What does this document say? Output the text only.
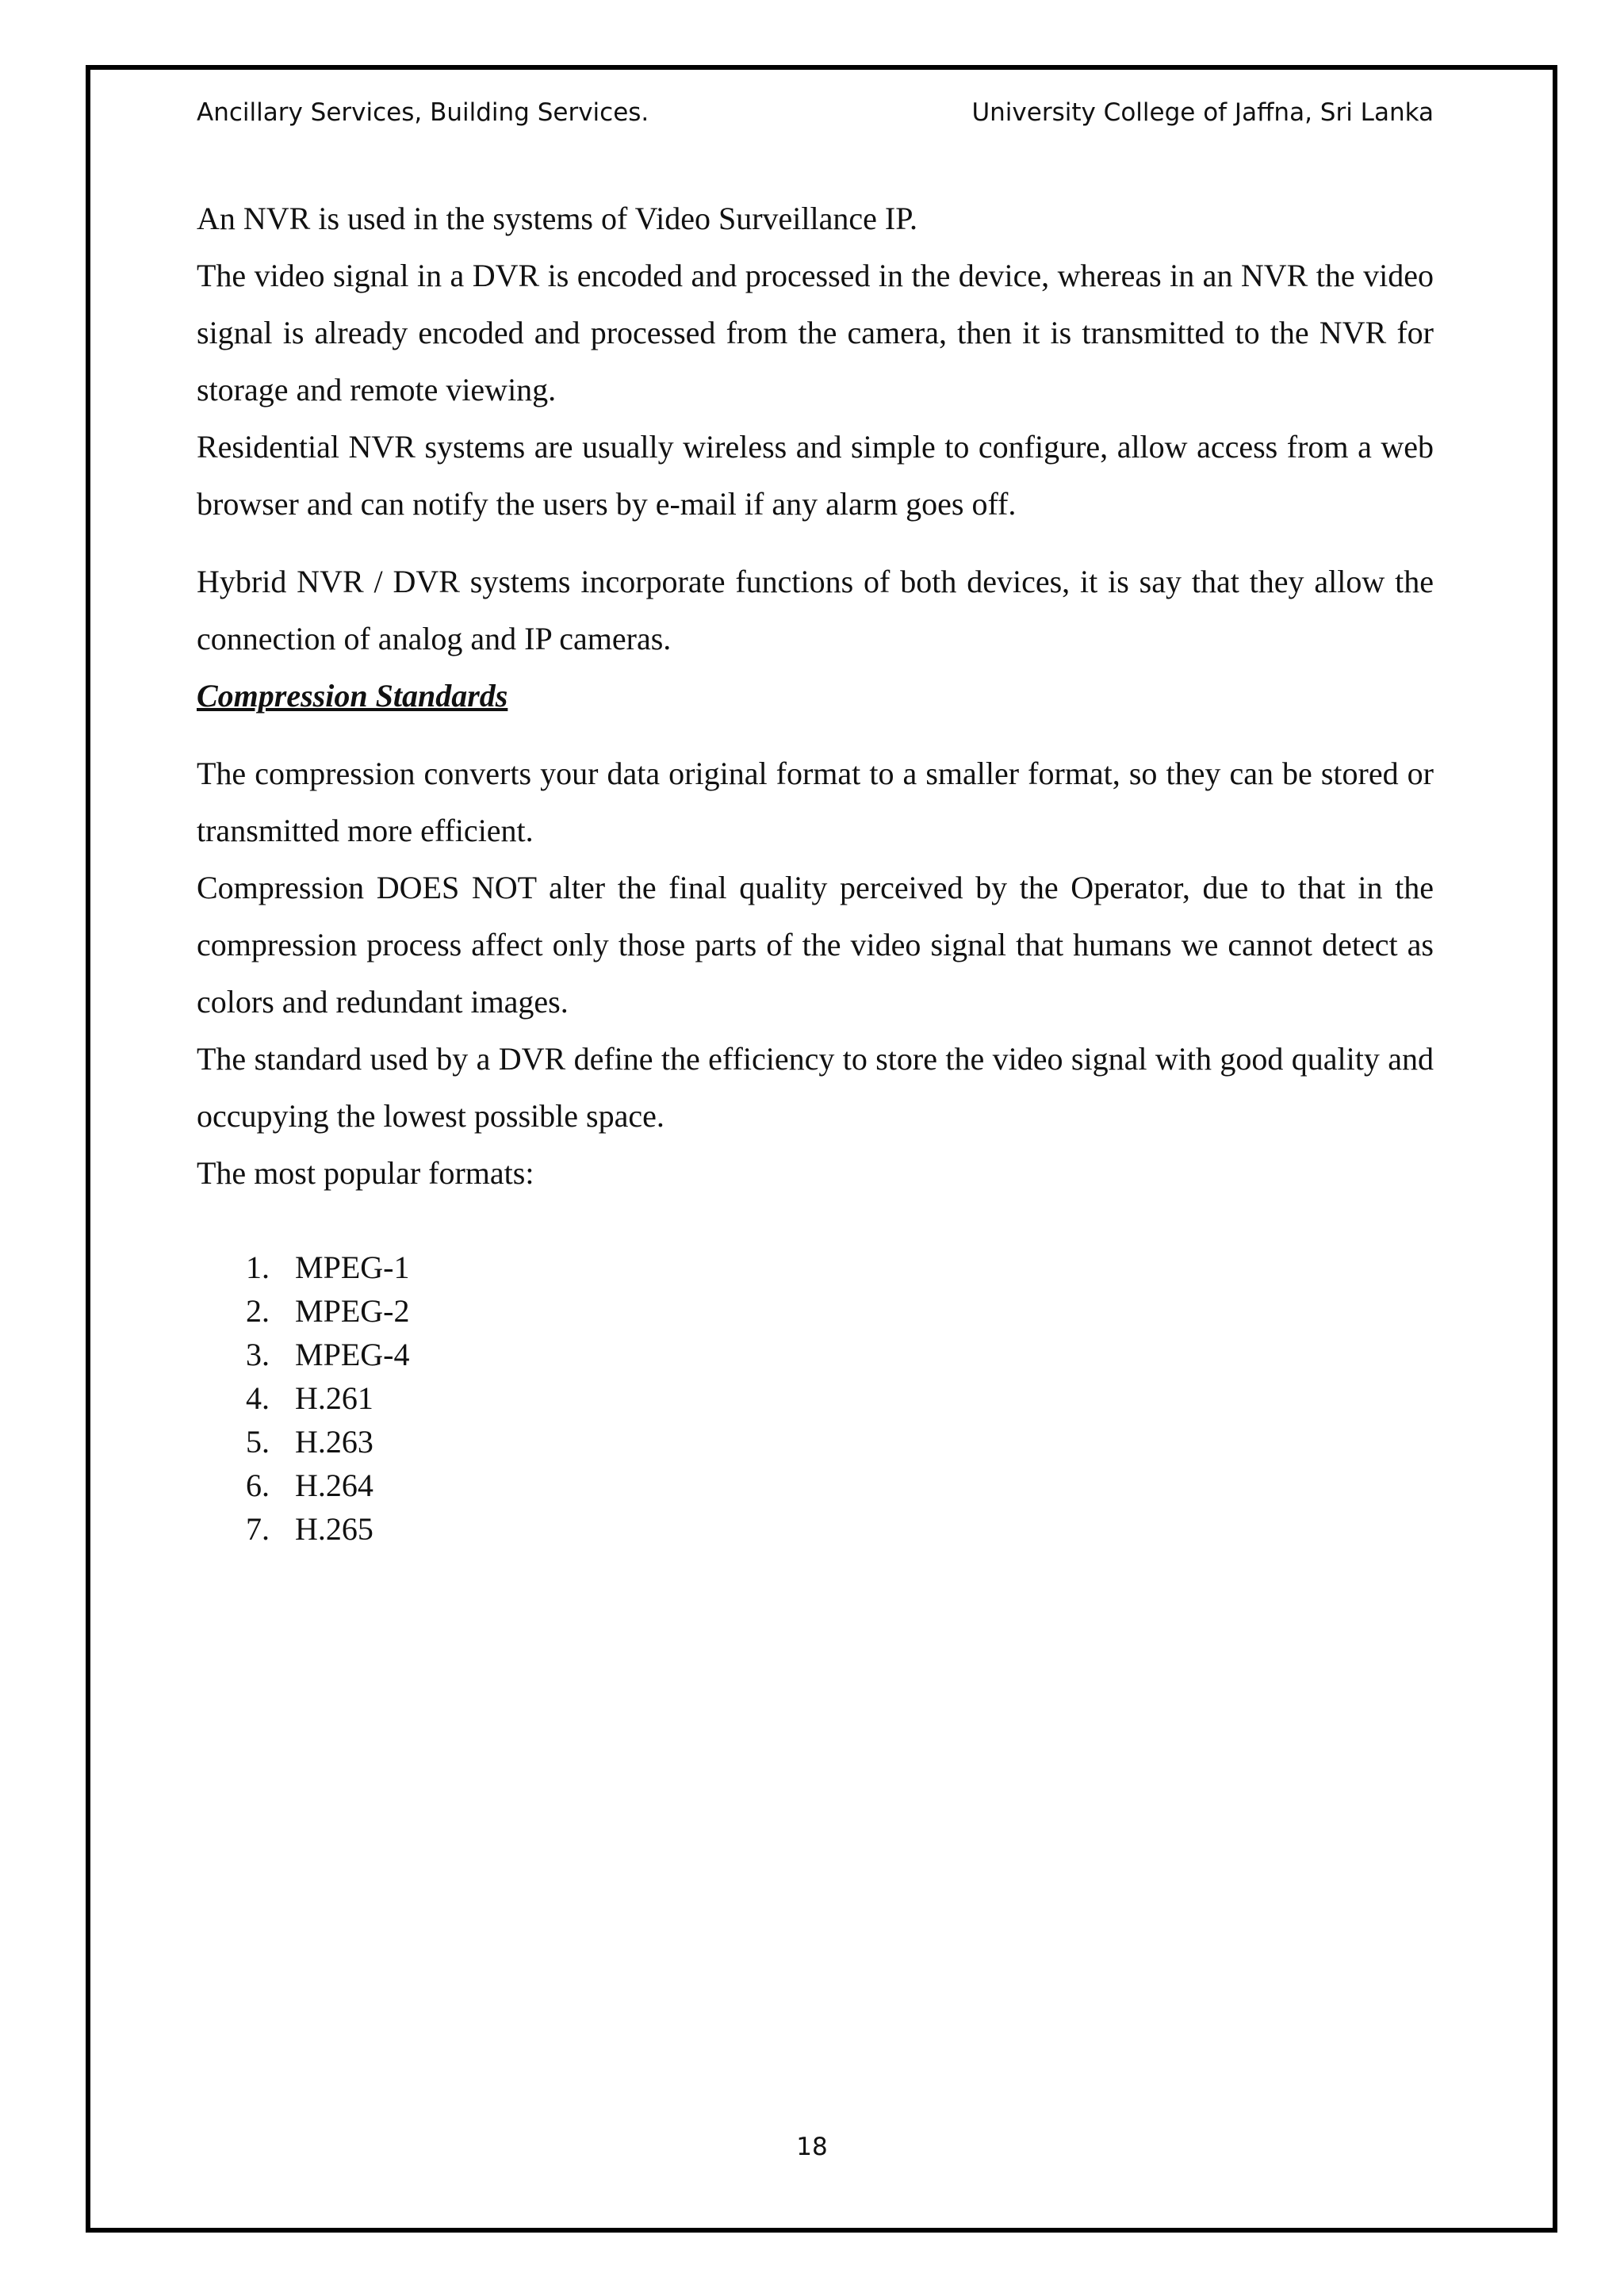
Ancillary Services, Building Services.	University College of Jaffna, Sri Lanka

An NVR is used in the systems of Video Surveillance IP.

The video signal in a DVR is encoded and processed in the device, whereas in an NVR the video signal is already encoded and processed from the camera, then it is transmitted to the NVR for storage and remote viewing.

Residential NVR systems are usually wireless and simple to configure, allow access from a web browser and can notify the users by e-mail if any alarm goes off.

Hybrid NVR / DVR systems incorporate functions of both devices, it is say that they allow the connection of analog and IP cameras.

Compression Standards

The compression converts your data original format to a smaller format, so they can be stored or transmitted more efficient.

Compression DOES NOT alter the final quality perceived by the Operator, due to that in the compression process affect only those parts of the video signal that humans we cannot detect as colors and redundant images.

The standard used by a DVR define the efficiency to store the video signal with good quality and occupying the lowest possible space.

The most popular formats:

1. MPEG-1
2. MPEG-2
3. MPEG-4
4. H.261
5. H.263
6. H.264
7. H.265
18
